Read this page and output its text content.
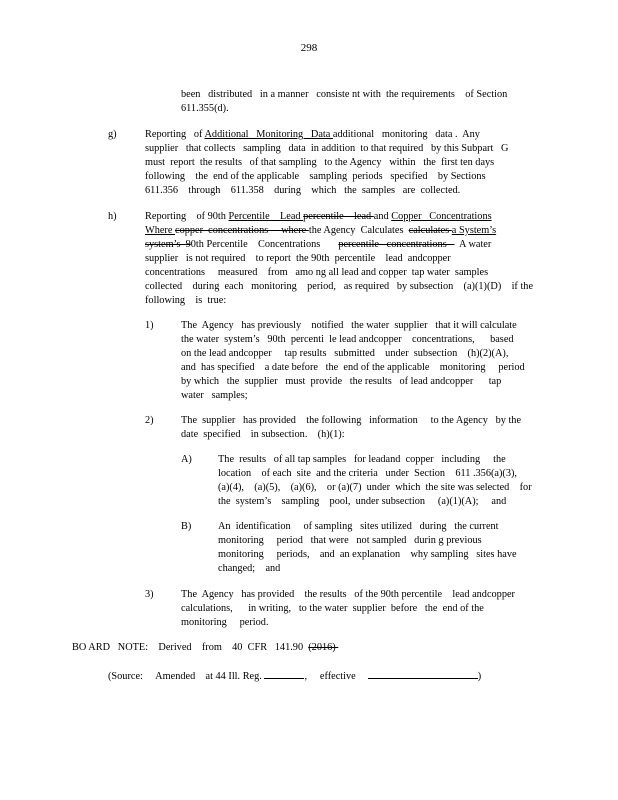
298
been   distributed   in a manner   consiste nt with  the requirements    of Section
611.355(d).
g)	Reporting   of Additional   Monitoring   Data additional   monitoring   data .  Any
supplier   that collects   sampling   data  in addition  to that required   by this Subpart   G
must  report  the results   of that sampling   to the Agency   within   the  first ten days
following    the  end of the applicable    sampling  periods   specified    by Sections
611.356    through    611.358    during    which   the  samples   are  collected.
h)	Reporting    of 90th Percentile    Lead percentile    lead and Copper   Concentrations
Where copper  concentrations     where the Agency  Calculates  calculates a System’s
system’s  90th Percentile    Concentrations       percentile   concentrations     A water
supplier   is not required    to report  the 90th  percentile    lead  andcopper
concentrations     measured    from   amo ng all lead and copper  tap water  samples
collected    during  each   monitoring    period,   as required   by subsection    (a)(1)(D)    if the
following    is  true:
1)	The  Agency   has previously    notified   the water  supplier   that it will calculate
the water  system’s   90th  percenti  le lead andcopper    concentrations,      based
on the lead andcopper     tap results   submitted    under  subsection    (h)(2)(A),
and  has specified    a date before   the  end of the applicable    monitoring     period
by which   the  supplier   must  provide   the results   of lead andcopper      tap
water   samples;
2)	The  supplier   has provided    the following   information     to the Agency   by the
date  specified    in subsection.    (h)(1):
A)	The  results   of all tap samples   for leadand  copper   including     the
location    of each  site  and the criteria   under  Section    611 .356(a)(3),
(a)(4),    (a)(5),    (a)(6),    or (a)(7)  under  which  the site was selected    for
the  system’s    sampling    pool,  under subsection     (a)(1)(A);     and
B)	An  identification     of sampling   sites utilized   during   the current
monitoring     period   that were   not sampled   durin g previous
monitoring     periods,    and  an explanation    why sampling   sites have
changed;    and
3)	The  Agency   has provided    the results   of the 90th percentile    lead andcopper
calculations,      in writing,   to the water  supplier  before   the  end of the
monitoring     period.
BO ARD   NOTE:    Derived    from    40  CFR   141.90  (2016)
(Source:     Amended    at 44 Ill. Reg.	,     effective	)
